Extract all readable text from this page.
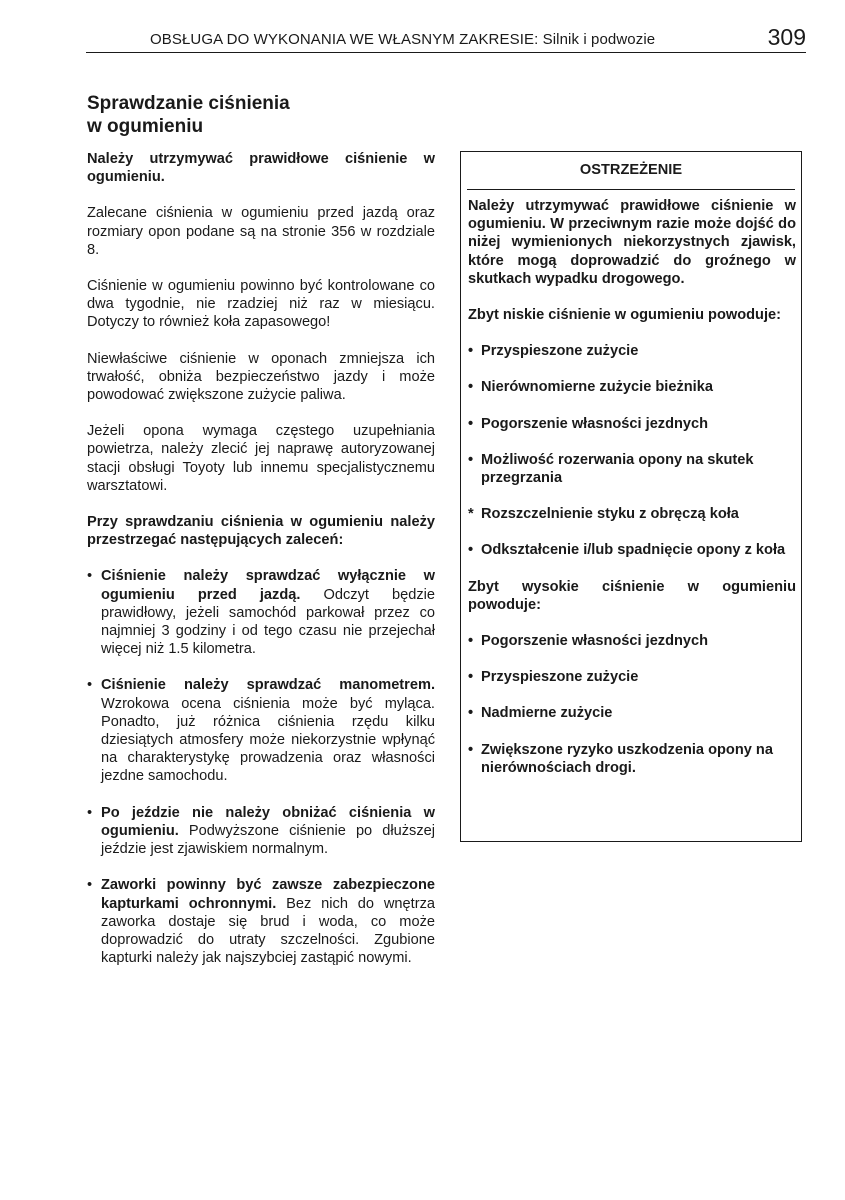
OBSŁUGA DO WYKONANIA WE WŁASNYM ZAKRESIE: Silnik i podwozie	309
Sprawdzanie ciśnienia
w ogumieniu

Należy utrzymywać prawidłowe ciśnienie w ogumieniu.

Zalecane ciśnienia w ogumieniu przed jazdą oraz rozmiary opon podane są na stronie 356 w rozdziale 8.

Ciśnienie w ogumieniu powinno być kontrolowane co dwa tygodnie, nie rzadziej niż raz w miesiącu. Dotyczy to również koła zapasowego!

Niewłaściwe ciśnienie w oponach zmniejsza ich trwałość, obniża bezpieczeństwo jazdy i może powodować zwiększone zużycie paliwa.

Jeżeli opona wymaga częstego uzupełniania powietrza, należy zlecić jej naprawę autoryzowanej stacji obsługi Toyoty lub innemu specjalistycznemu warsztatowi.

Przy sprawdzaniu ciśnienia w ogumieniu należy przestrzegać następujących zaleceń:

• Ciśnienie należy sprawdzać wyłącznie w ogumieniu przed jazdą. Odczyt będzie prawidłowy, jeżeli samochód parkował przez co najmniej 3 godziny i od tego czasu nie przejechał więcej niż 1.5 kilometra.
• Ciśnienie należy sprawdzać manometrem. Wzrokowa ocena ciśnienia może być myląca. Ponadto, już różnica ciśnienia rzędu kilku dziesiątych atmosfery może niekorzystnie wpłynąć na charakterystykę prowadzenia oraz własności jezdne samochodu.
• Po jeździe nie należy obniżać ciśnienia w ogumieniu. Podwyższone ciśnienie po dłuższej jeździe jest zjawiskiem normalnym.
• Zaworki powinny być zawsze zabezpieczone kapturkami ochronnymi. Bez nich do wnętrza zaworka dostaje się brud i woda, co może doprowadzić do utraty szczelności. Zgubione kapturki należy jak najszybciej zastąpić nowymi.
OSTRZEŻENIE

Należy utrzymywać prawidłowe ciśnienie w ogumieniu. W przeciwnym razie może dojść do niżej wymienionych niekorzystnych zjawisk, które mogą doprowadzić do groźnego w skutkach wypadku drogowego.

Zbyt niskie ciśnienie w ogumieniu powoduje:

• Przyspieszone zużycie
• Nierównomierne zużycie bieżnika
• Pogorszenie własności jezdnych
• Możliwość rozerwania opony na skutek przegrzania
* Rozszczelnienie styku z obręczą koła
• Odkształcenie i/lub spadnięcie opony z koła

Zbyt wysokie ciśnienie w ogumieniu powoduje:

• Pogorszenie własności jezdnych
• Przyspieszone zużycie
• Nadmierne zużycie
• Zwiększone ryzyko uszkodzenia opony na nierównościach drogi.
